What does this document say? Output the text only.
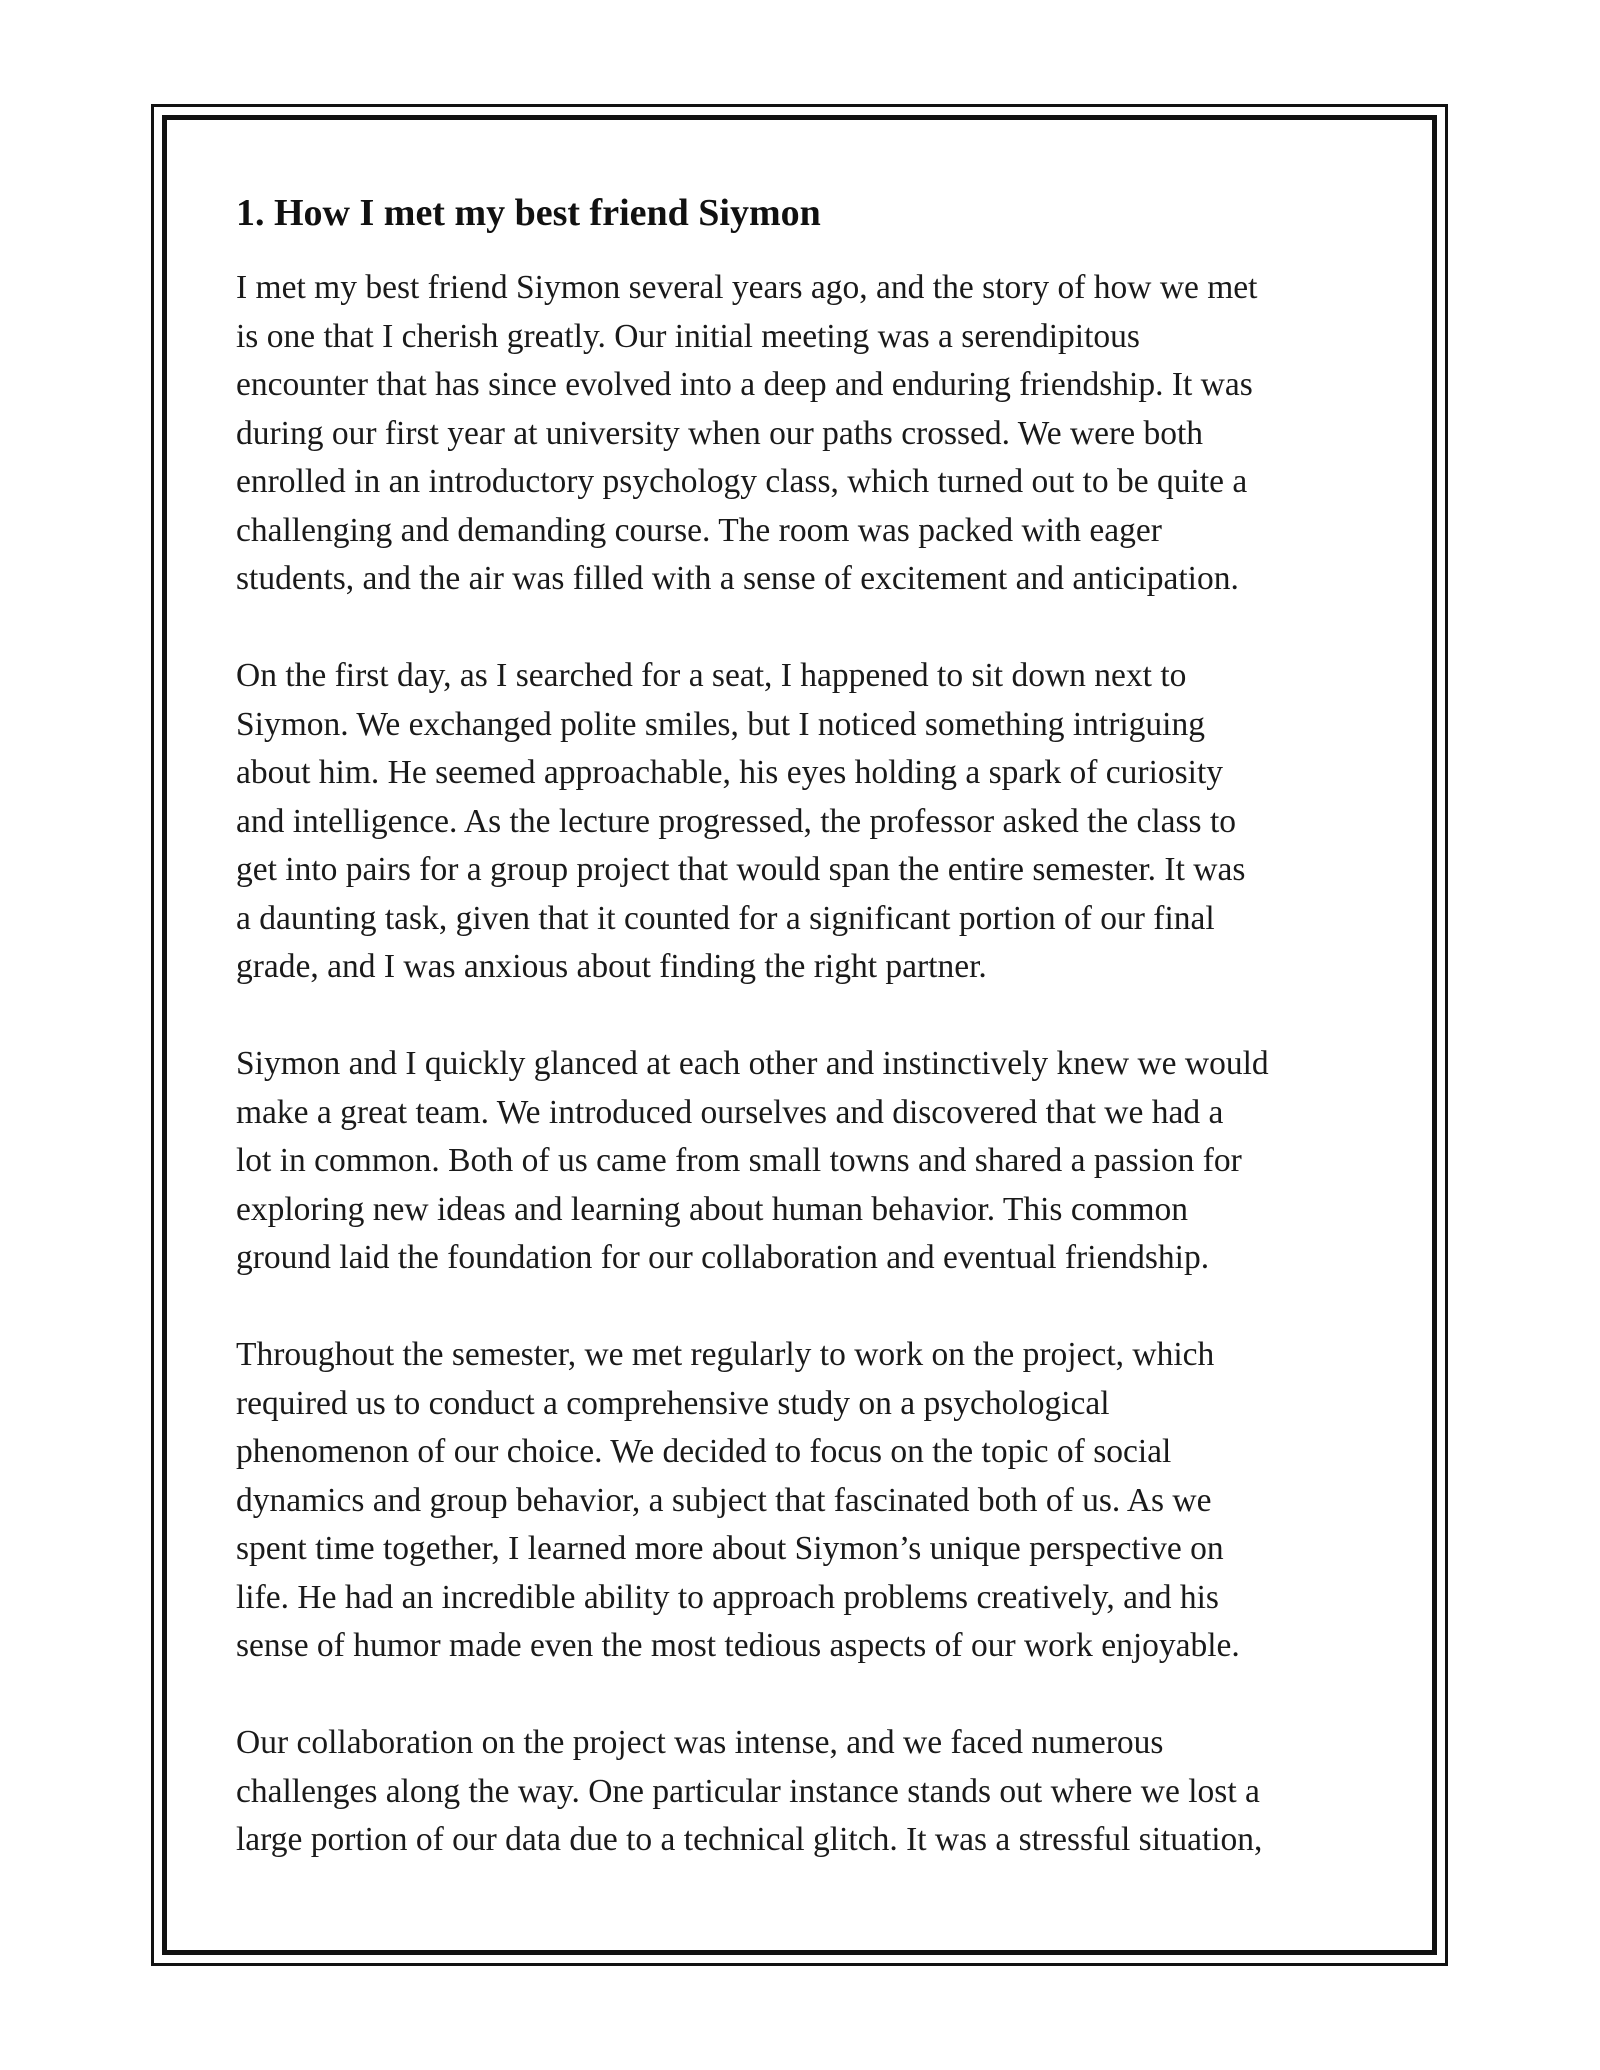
1. How I met my best friend Siymon

I met my best friend Siymon several years ago, and the story of how we met
is one that I cherish greatly. Our initial meeting was a serendipitous
encounter that has since evolved into a deep and enduring friendship. It was
during our first year at university when our paths crossed. We were both
enrolled in an introductory psychology class, which turned out to be quite a
challenging and demanding course. The room was packed with eager
students, and the air was filled with a sense of excitement and anticipation.

On the first day, as I searched for a seat, I happened to sit down next to
Siymon. We exchanged polite smiles, but I noticed something intriguing
about him. He seemed approachable, his eyes holding a spark of curiosity
and intelligence. As the lecture progressed, the professor asked the class to
get into pairs for a group project that would span the entire semester. It was
a daunting task, given that it counted for a significant portion of our final
grade, and I was anxious about finding the right partner.

Siymon and I quickly glanced at each other and instinctively knew we would
make a great team. We introduced ourselves and discovered that we had a
lot in common. Both of us came from small towns and shared a passion for
exploring new ideas and learning about human behavior. This common
ground laid the foundation for our collaboration and eventual friendship.

Throughout the semester, we met regularly to work on the project, which
required us to conduct a comprehensive study on a psychological
phenomenon of our choice. We decided to focus on the topic of social
dynamics and group behavior, a subject that fascinated both of us. As we
spent time together, I learned more about Siymon’s unique perspective on
life. He had an incredible ability to approach problems creatively, and his
sense of humor made even the most tedious aspects of our work enjoyable.

Our collaboration on the project was intense, and we faced numerous
challenges along the way. One particular instance stands out where we lost a
large portion of our data due to a technical glitch. It was a stressful situation,
